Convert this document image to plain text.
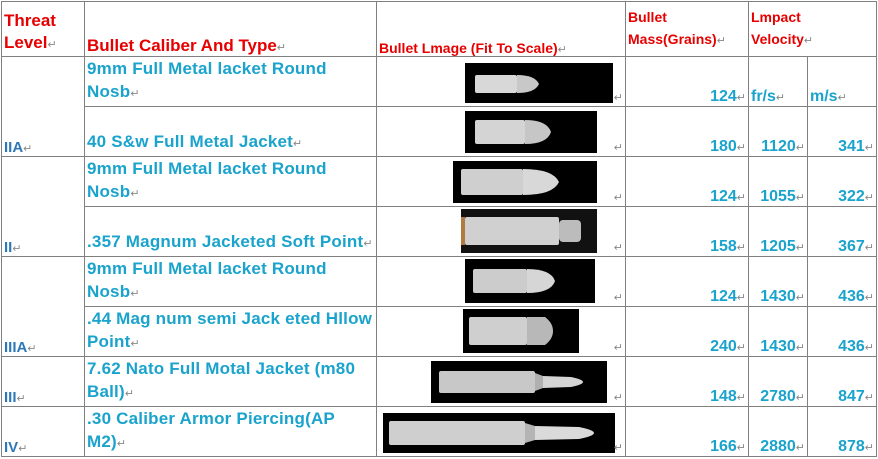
Threat
Level↵	Bullet Caliber And Type↵	Bullet Lmage (Fit To Scale)↵	Bullet
Mass(Grains)↵	Lmpact
Velocity↵	
IIA↵	9mm Full Metal lacket Round Nosb↵	↵	124↵	fr/s↵	m/s↵
	40 S&w Full Metal Jacket↵	↵	180↵	1120↵	341↵
II↵	9mm Full Metal lacket Round Nosb↵	↵	124↵	1055↵	322↵
	.357 Magnum Jacketed Soft Point↵	↵	158↵	1205↵	367↵
IIIA↵	9mm Full Metal lacket Round Nosb↵	↵	124↵	1430↵	436↵
	.44 Mag num semi Jack eted Hllow Point↵	↵	240↵	1430↵	436↵
III↵	7.62 Nato Full Motal Jacket (m80 Ball)↵	↵	148↵	2780↵	847↵
IV↵	.30 Caliber Armor Piercing(AP M2)↵	↵	166↵	2880↵	878↵
